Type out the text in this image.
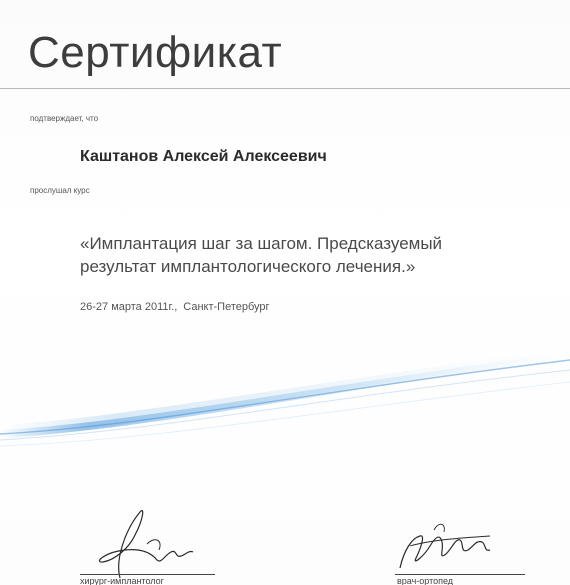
Сертификат
подтверждает, что
Каштанов Алексей Алексеевич
прослушал курс
«Имплантация шаг за шагом. Предсказуемый
результат имплантологического лечения.»
26-27 марта 2011г., Санкт-Петербург
хирург-имплантолог	врач-ортопед
